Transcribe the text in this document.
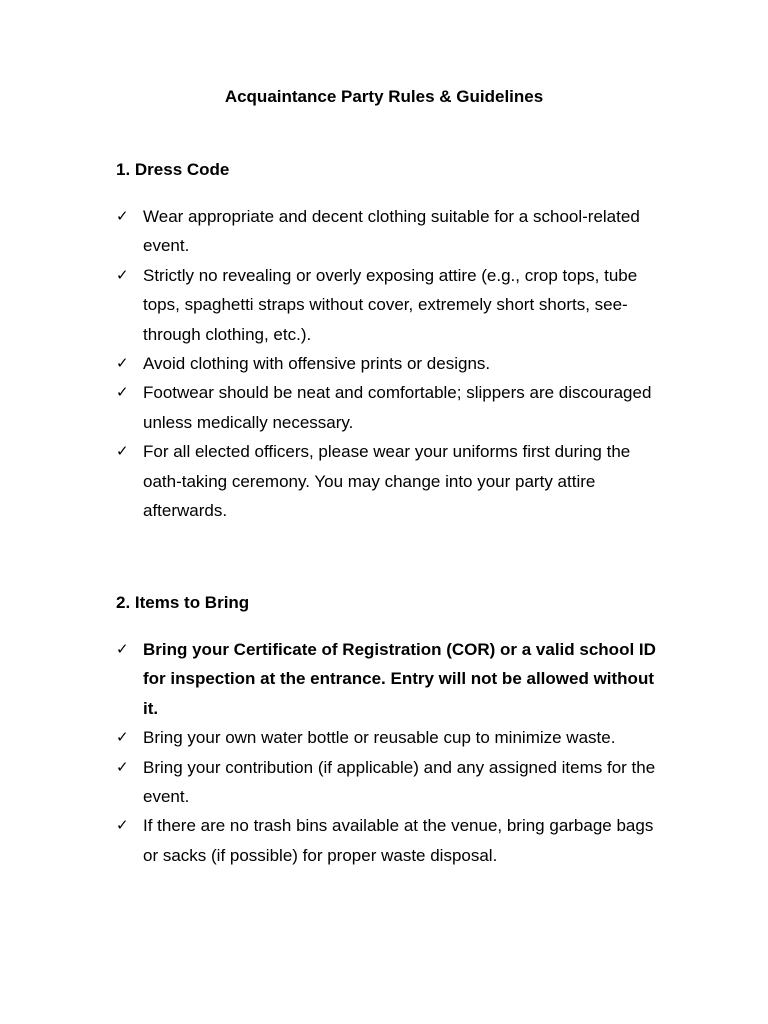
Acquaintance Party Rules & Guidelines
1. Dress Code
✓ Wear appropriate and decent clothing suitable for a school-related event.
✓ Strictly no revealing or overly exposing attire (e.g., crop tops, tube tops, spaghetti straps without cover, extremely short shorts, see-through clothing, etc.).
✓ Avoid clothing with offensive prints or designs.
✓ Footwear should be neat and comfortable; slippers are discouraged unless medically necessary.
✓ For all elected officers, please wear your uniforms first during the oath-taking ceremony. You may change into your party attire afterwards.
2. Items to Bring
✓ Bring your Certificate of Registration (COR) or a valid school ID for inspection at the entrance. Entry will not be allowed without it.
✓ Bring your own water bottle or reusable cup to minimize waste.
✓ Bring your contribution (if applicable) and any assigned items for the event.
✓ If there are no trash bins available at the venue, bring garbage bags or sacks (if possible) for proper waste disposal.
